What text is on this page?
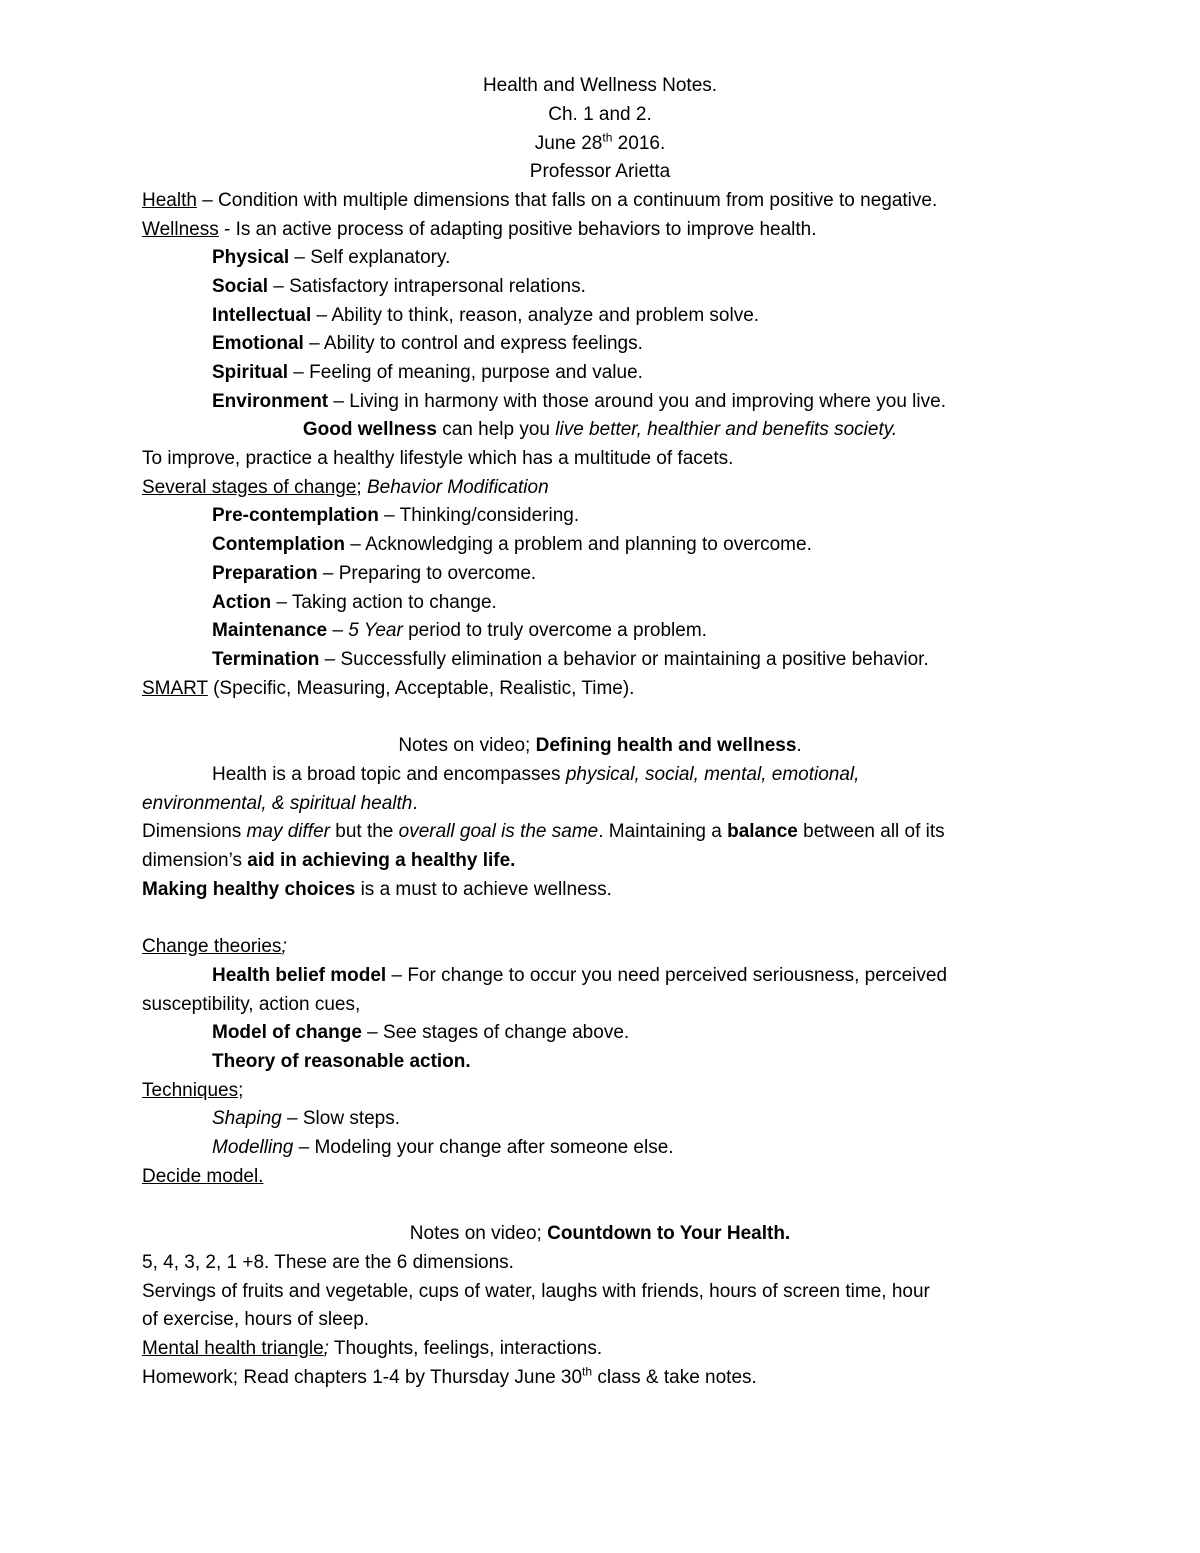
Health and Wellness Notes.
Ch. 1 and 2.
June 28th 2016.
Professor Arietta
Health – Condition with multiple dimensions that falls on a continuum from positive to negative.
Wellness - Is an active process of adapting positive behaviors to improve health.
Physical – Self explanatory.
Social – Satisfactory intrapersonal relations.
Intellectual – Ability to think, reason, analyze and problem solve.
Emotional – Ability to control and express feelings.
Spiritual – Feeling of meaning, purpose and value.
Environment – Living in harmony with those around you and improving where you live.
Good wellness can help you live better, healthier and benefits society.
To improve, practice a healthy lifestyle which has a multitude of facets.
Several stages of change; Behavior Modification
Pre-contemplation – Thinking/considering.
Contemplation – Acknowledging a problem and planning to overcome.
Preparation – Preparing to overcome.
Action – Taking action to change.
Maintenance – 5 Year period to truly overcome a problem.
Termination – Successfully elimination a behavior or maintaining a positive behavior.
SMART (Specific, Measuring, Acceptable, Realistic, Time).
Notes on video; Defining health and wellness.
Health is a broad topic and encompasses physical, social, mental, emotional,
environmental, & spiritual health.
Dimensions may differ but the overall goal is the same. Maintaining a balance between all of its
dimension’s aid in achieving a healthy life.
Making healthy choices is a must to achieve wellness.
Change theories;
Health belief model – For change to occur you need perceived seriousness, perceived
susceptibility, action cues,
Model of change – See stages of change above.
Theory of reasonable action.
Techniques;
Shaping – Slow steps.
Modelling – Modeling your change after someone else.
Decide model.
Notes on video; Countdown to Your Health.
5, 4, 3, 2, 1 +8. These are the 6 dimensions.
Servings of fruits and vegetable, cups of water, laughs with friends, hours of screen time, hour
of exercise, hours of sleep.
Mental health triangle; Thoughts, feelings, interactions.
Homework; Read chapters 1-4 by Thursday June 30th class & take notes.
